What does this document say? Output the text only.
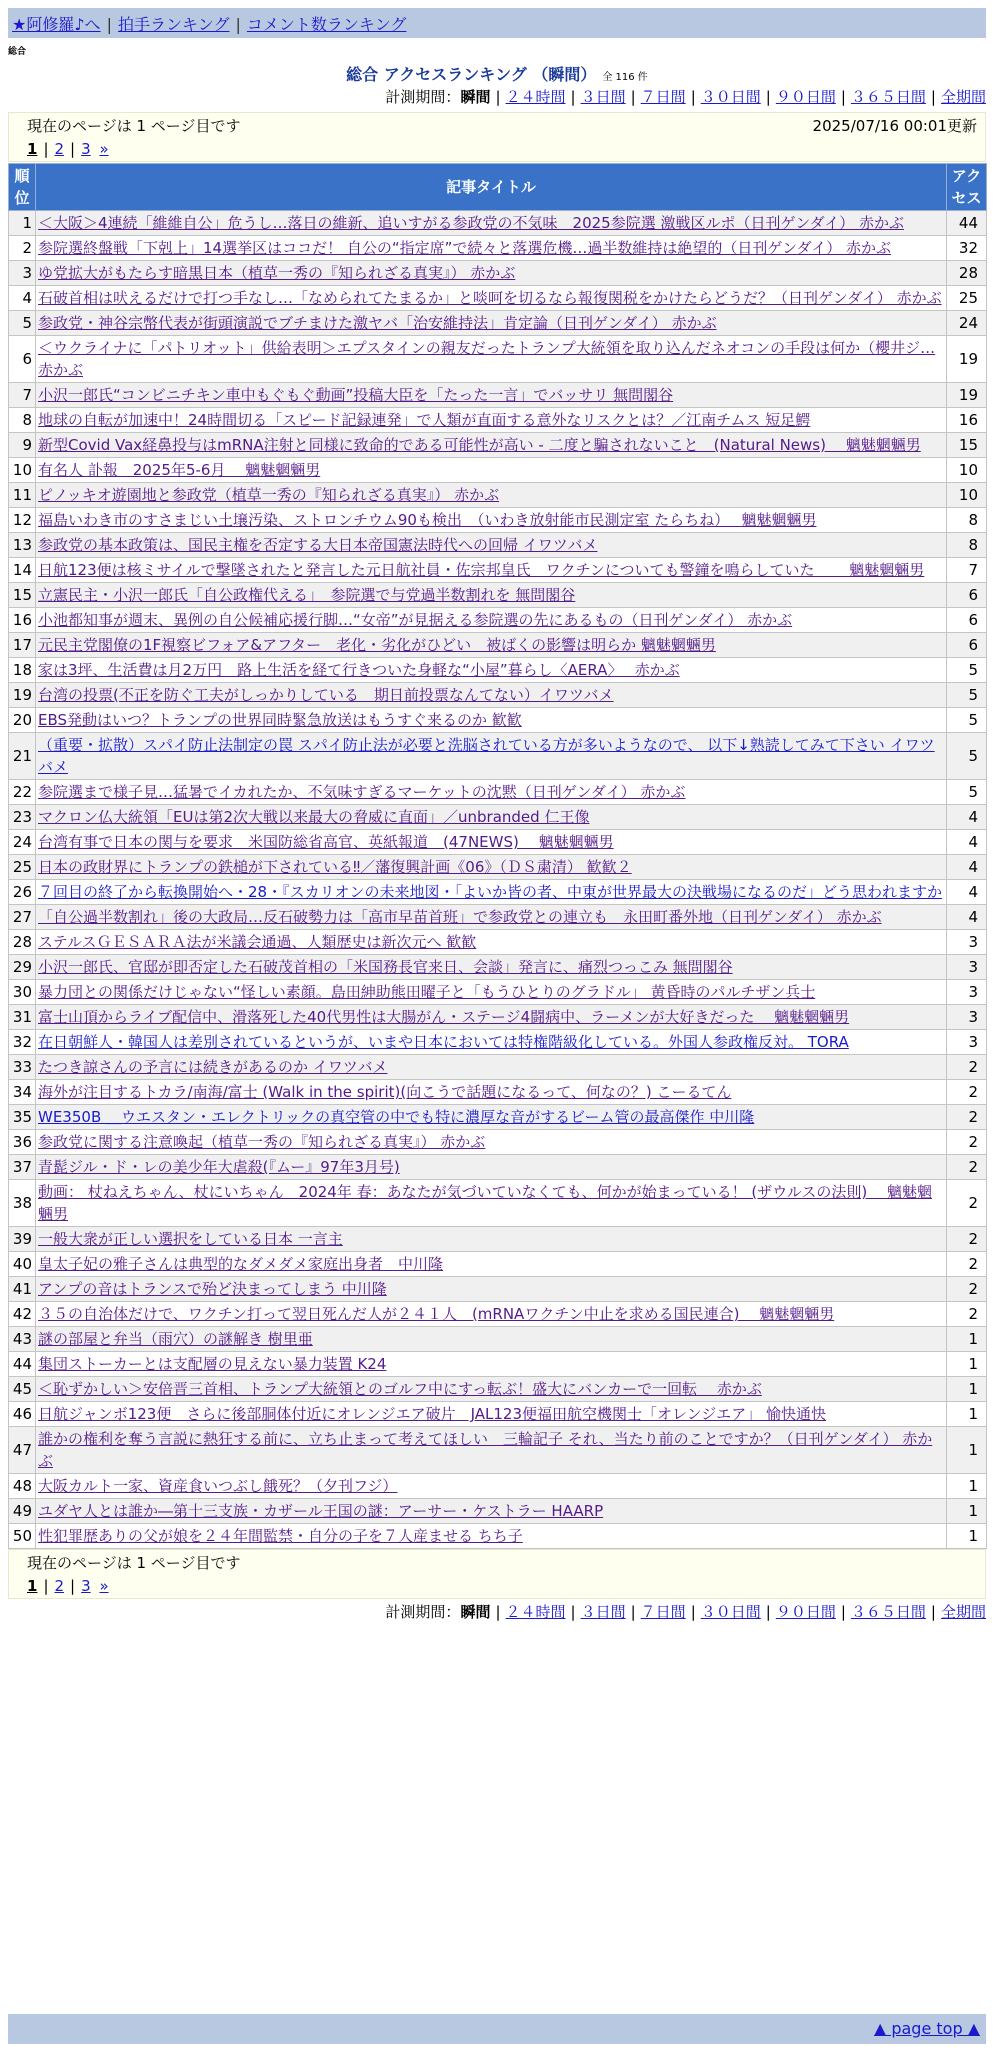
★阿修羅♪へ | 拍手ランキング | コメント数ランキング
総合
総合 アクセスランキング （瞬間） 全 116 件
計測期間：瞬間 | ２４時間 | ３日間 | ７日間 | ３０日間 | ９０日間 | ３６５日間 | 全期間
現在のページは 1 ページ目です
1 | 2 | 3 »
2025/07/16 00:01更新
順位	記事タイトル	アクセス
1	＜大阪＞4連続「維維自公」危うし…落日の維新、追いすがる参政党の不気味　2025参院選 激戦区ルポ（日刊ゲンダイ） 赤かぶ	44
2	参院選終盤戦「下剋上」14選挙区はココだ！ 自公の“指定席”で続々と落選危機…過半数維持は絶望的（日刊ゲンダイ） 赤かぶ	32
3	ゆ党拡大がもたらす暗黒日本（植草一秀の『知られざる真実』） 赤かぶ	28
4	石破首相は吠えるだけで打つ手なし…「なめられてたまるか」と啖呵を切るなら報復関税をかけたらどうだ？（日刊ゲンダイ） 赤かぶ	25
5	参政党・神谷宗幣代表が街頭演説でブチまけた激ヤバ「治安維持法」肯定論（日刊ゲンダイ） 赤かぶ	24
6	＜ウクライナに「パトリオット」供給表明＞エプスタインの親友だったトランプ大統領を取り込んだネオコンの手段は何か（櫻井ジ… 赤かぶ	19
7	小沢一郎氏“コンビニチキン車中もぐもぐ動画”投稿大臣を「たった一言」でバッサリ 無問閣谷	19
8	地球の自転が加速中！24時間切る「スピード記録連発」で人類が直面する意外なリスクとは？／江南チムス 短足鰐	16
9	新型Covid Vax経鼻投与はmRNA注射と同様に致命的である可能性が高い - 二度と騙されないこと　(Natural News)　 魑魅魍魎男	15
10	有名人 訃報　2025年5-6月　 魑魅魍魎男	10
11	ピノッキオ遊園地と参政党（植草一秀の『知られざる真実』） 赤かぶ	10
12	福島いわき市のすさまじい土壌汚染、ストロンチウム90も検出　（いわき放射能市民測定室 たらちね）　 魑魅魍魎男	8
13	参政党の基本政策は、国民主権を否定する大日本帝国憲法時代への回帰 イワツバメ	8
14	日航123便は核ミサイルで撃墜されたと発言した元日航社員・佐宗邦皇氏　ワクチンについても警鐘を鳴らしていた　　 魑魅魍魎男	7
15	立憲民主・小沢一郎氏「自公政権代える」　参院選で与党過半数割れを 無問閣谷	6
16	小池都知事が週末、異例の自公候補応援行脚…“女帝”が見据える参院選の先にあるもの（日刊ゲンダイ） 赤かぶ	6
17	元民主党閣僚の1F視察ビフォア&アフター　老化・劣化がひどい　被ばくの影響は明らか 魑魅魍魎男	6
18	家は3坪、生活費は月2万円　路上生活を経て行きついた身軽な“小屋”暮らし〈AERA〉　 赤かぶ	5
19	台湾の投票(不正を防ぐ工夫がしっかりしている　期日前投票なんてない）イワツバメ	5
20	EBS発動はいつ？トランプの世界同時緊急放送はもうすぐ来るのか 歓歓	5
21	（重要・拡散）スパイ防止法制定の罠 スパイ防止法が必要と洗脳されている方が多いようなので、 以下↓熟読してみて下さい イワツバメ	5
22	参院選まで様子見…猛暑でイカれたか、不気味すぎるマーケットの沈黙（日刊ゲンダイ） 赤かぶ	5
23	マクロン仏大統領「EUは第2次大戦以来最大の脅威に直面」／unbranded 仁王像	4
24	台湾有事で日本の関与を要求　米国防総省高官、英紙報道　(47NEWS)　 魑魅魍魎男	4
25	日本の政財界にトランプの鉄槌が下されている‼／藩復興計画《06》（ＤＳ粛清） 歓歓２	4
26	７回目の終了から転換開始へ・28・『スカリオンの未来地図・「よいか皆の者、中東が世界最大の決戦場になるのだ」どう思われますか	4
27	「自公過半数割れ」後の大政局…反石破勢力は「高市早苗首班」で参政党との連立も　永田町番外地（日刊ゲンダイ） 赤かぶ	4
28	ステルスＧＥＳＡＲＡ法が米議会通過、人類歴史は新次元へ 歓歓	3
29	小沢一郎氏、官邸が即否定した石破茂首相の「米国務長官来日、会談」発言に、痛烈つっこみ 無問閣谷	3
30	暴力団との関係だけじゃない“怪しい素顔。島田紳助熊田曜子と「もうひとりのグラドル」 黄昏時のパルチザン兵士	3
31	富士山頂からライブ配信中、滑落死した40代男性は大腸がん・ステージ4闘病中、ラーメンが大好きだった　 魑魅魍魎男	3
32	在日朝鮮人・韓国人は差別されているというが、いまや日本においては特権階級化している。外国人参政権反対。 TORA	3
33	たつき諒さんの予言には続きがあるのか イワツバメ	2
34	海外が注目するトカラ/南海/富士 (Walk in the spirit)(向こうで話題になるって、何なの？) こーるてん	2
35	WE350B ＿ウエスタン・エレクトリックの真空管の中でも特に濃厚な音がするビーム管の最高傑作 中川隆	2
36	参政党に関する注意喚起（植草一秀の『知られざる真実』） 赤かぶ	2
37	青髭ジル・ド・レの美少年大虐殺(『ムー』97年3月号)	2
38	動画： 杖ねえちゃん、杖にいちゃん　2024年 春：あなたが気づいていなくても、何かが始まっている！ (ザウルスの法則)　 魑魅魍魎男	2
39	一般大衆が正しい選択をしている日本 一言主	2
40	皇太子妃の雅子さんは典型的なダメダメ家庭出身者　中川隆	2
41	アンプの音はトランスで殆ど決まってしまう 中川隆	2
42	３５の自治体だけで、ワクチン打って翌日死んだ人が２４１人　(mRNAワクチン中止を求める国民連合)　 魑魅魍魎男	2
43	謎の部屋と弁当（雨穴）の謎解き 樹里亜	1
44	集団ストーカーとは支配層の見えない暴力装置 K24	1
45	＜恥ずかしい＞安倍晋三首相、トランプ大統領とのゴルフ中にすっ転ぶ！盛大にバンカーで一回転　 赤かぶ	1
46	日航ジャンボ123便　さらに後部胴体付近にオレンジエア破片　JAL123便福田航空機関士「オレンジエア」 愉快通快	1
47	誰かの権利を奪う言説に熱狂する前に、立ち止まって考えてほしい　三輪記子 それ、当たり前のことですか？（日刊ゲンダイ） 赤かぶ	1
48	大阪カルト一家、資産食いつぶし餓死？（夕刊フジ）	1
49	ユダヤ人とは誰か―第十三支族・カザール王国の謎：アーサー・ケストラー HAARP	1
50	性犯罪歴ありの父が娘を２４年間監禁・自分の子を７人産ませる ちち子	1
現在のページは 1 ページ目です
1 | 2 | 3 »
計測期間：瞬間 | ２４時間 | ３日間 | ７日間 | ３０日間 | ９０日間 | ３６５日間 | 全期間
▲ page top ▲
